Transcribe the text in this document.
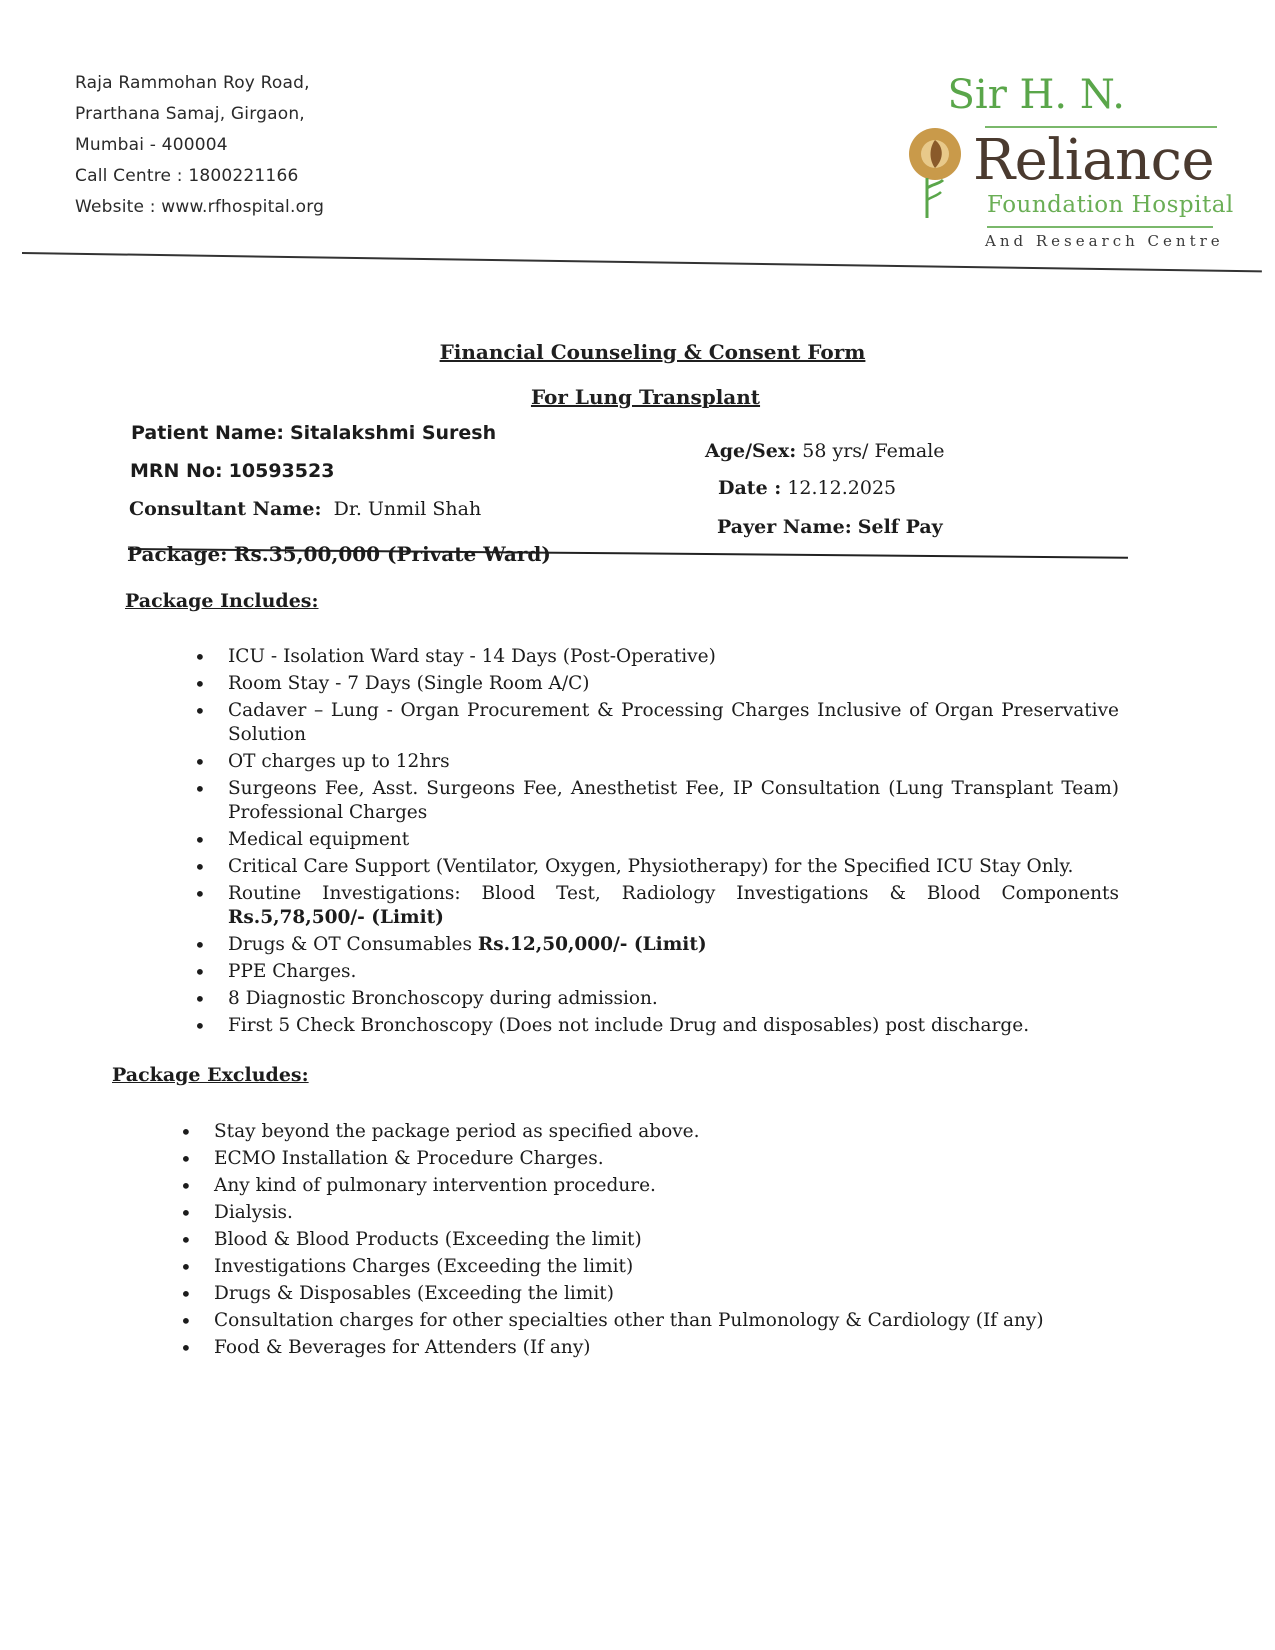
Raja Rammohan Roy Road,
Prarthana Samaj, Girgaon,
Mumbai - 400004
Call Centre : 1800221166
Website : www.rfhospital.org
Sir H. N.
Reliance
Foundation Hospital
And Research Centre
Financial Counseling & Consent Form
For Lung Transplant
Patient Name: Sitalakshmi Suresh
MRN No: 10593523
Consultant Name: Dr. Unmil Shah
Age/Sex: 58 yrs/ Female
Date : 12.12.2025
Payer Name: Self Pay
Package: Rs.35,00,000 (Private Ward)
Package Includes:
• ICU - Isolation Ward stay - 14 Days (Post-Operative)
• Room Stay - 7 Days (Single Room A/C)
• Cadaver – Lung - Organ Procurement & Processing Charges Inclusive of Organ Preservative Solution
• OT charges up to 12hrs
• Surgeons Fee, Asst. Surgeons Fee, Anesthetist Fee, IP Consultation (Lung Transplant Team) Professional Charges
• Medical equipment
• Critical Care Support (Ventilator, Oxygen, Physiotherapy) for the Specified ICU Stay Only.
• Routine Investigations: Blood Test, Radiology Investigations & Blood Components Rs.5,78,500/- (Limit)
• Drugs & OT Consumables Rs.12,50,000/- (Limit)
• PPE Charges.
• 8 Diagnostic Bronchoscopy during admission.
• First 5 Check Bronchoscopy (Does not include Drug and disposables) post discharge.
Package Excludes:
• Stay beyond the package period as specified above.
• ECMO Installation & Procedure Charges.
• Any kind of pulmonary intervention procedure.
• Dialysis.
• Blood & Blood Products (Exceeding the limit)
• Investigations Charges (Exceeding the limit)
• Drugs & Disposables (Exceeding the limit)
• Consultation charges for other specialties other than Pulmonology & Cardiology (If any)
• Food & Beverages for Attenders (If any)
